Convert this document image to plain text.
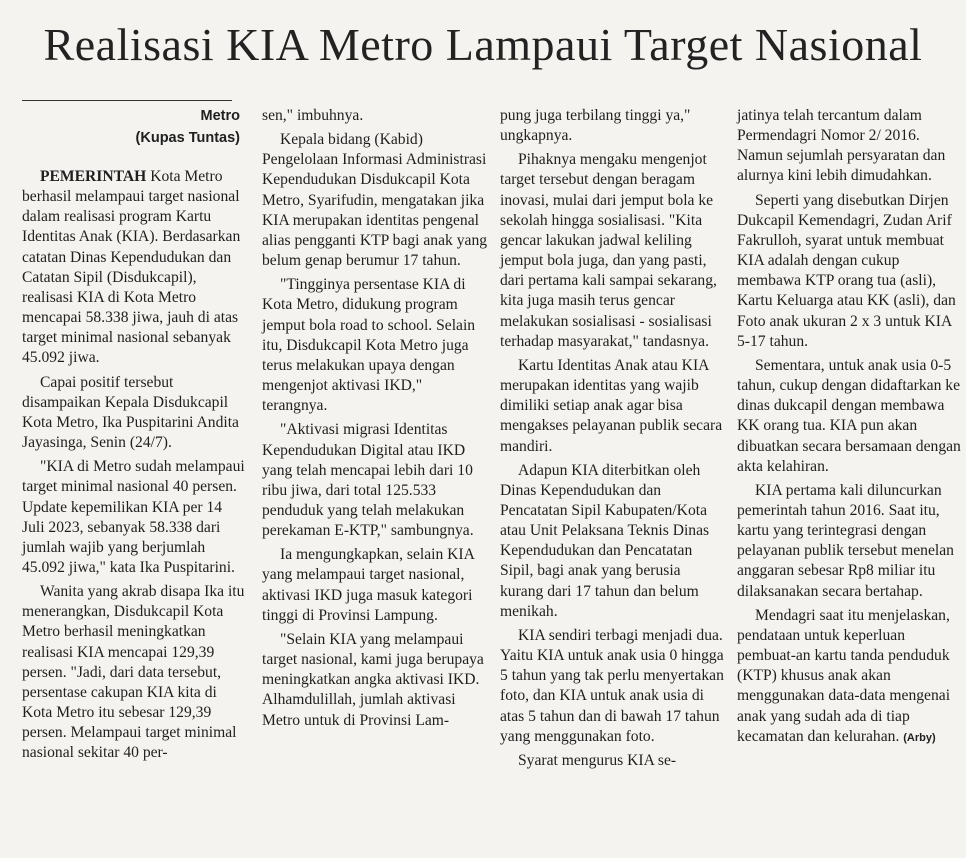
Realisasi KIA Metro Lampaui Target Nasional
Metro
(Kupas Tuntas)

PEMERINTAH Kota Metro berhasil melampaui target nasional dalam realisasi program Kartu Identitas Anak (KIA). Berdasarkan catatan Dinas Kependudukan dan Catatan Sipil (Disdukcapil), realisasi KIA di Kota Metro mencapai 58.338 jiwa, jauh di atas target minimal nasional sebanyak 45.092 jiwa.

Capai positif tersebut disampaikan Kepala Disdukcapil Kota Metro, Ika Puspitarini Andita Jayasinga, Senin (24/7).

"KIA di Metro sudah melampaui target minimal nasional 40 persen. Update kepemilikan KIA per 14 Juli 2023, sebanyak 58.338 dari jumlah wajib yang berjumlah 45.092 jiwa," kata Ika Puspitarini.

Wanita yang akrab disapa Ika itu menerangkan, Disdukcapil Kota Metro berhasil meningkatkan realisasi KIA mencapai 129,39 persen. "Jadi, dari data tersebut, persentase cakupan KIA kita di Kota Metro itu sebesar 129,39 persen. Melampaui target minimal nasional sekitar 40 per-

sen," imbuhnya.

Kepala bidang (Kabid) Pengelolaan Informasi Administrasi Kependudukan Disdukcapil Kota Metro, Syarifudin, mengatakan jika KIA merupakan identitas pengenal alias pengganti KTP bagi anak yang belum genap berumur 17 tahun.

"Tingginya persentase KIA di Kota Metro, didukung program jemput bola road to school. Selain itu, Disdukcapil Kota Metro juga terus melakukan upaya dengan mengenjot aktivasi IKD," terangnya.

"Aktivasi migrasi Identitas Kependudukan Digital atau IKD yang telah mencapai lebih dari 10 ribu jiwa, dari total 125.533 penduduk yang telah melakukan perekaman E-KTP," sambungnya.

Ia mengungkapkan, selain KIA yang melampaui target nasional, aktivasi IKD juga masuk kategori tinggi di Provinsi Lampung.

"Selain KIA yang melampaui target nasional, kami juga berupaya meningkatkan angka aktivasi IKD. Alhamdulillah, jumlah aktivasi Metro untuk di Provinsi Lam-

pung juga terbilang tinggi ya," ungkapnya.

Pihaknya mengaku mengenjot target tersebut dengan beragam inovasi, mulai dari jemput bola ke sekolah hingga sosialisasi. "Kita gencar lakukan jadwal keliling jemput bola juga, dan yang pasti, dari pertama kali sampai sekarang, kita juga masih terus gencar melakukan sosialisasi - sosialisasi terhadap masyarakat," tandasnya.

Kartu Identitas Anak atau KIA merupakan identitas yang wajib dimiliki setiap anak agar bisa mengakses pelayanan publik secara mandiri.

Adapun KIA diterbitkan oleh Dinas Kependudukan dan Pencatatan Sipil Kabupaten/Kota atau Unit Pelaksana Teknis Dinas Kependudukan dan Pencatatan Sipil, bagi anak yang berusia kurang dari 17 tahun dan belum menikah.

KIA sendiri terbagi menjadi dua. Yaitu KIA untuk anak usia 0 hingga 5 tahun yang tak perlu menyertakan foto, dan KIA untuk anak usia di atas 5 tahun dan di bawah 17 tahun yang menggunakan foto.

Syarat mengurus KIA se-

jatinya telah tercantum dalam Permendagri Nomor 2/ 2016. Namun sejumlah persyaratan dan alurnya kini lebih dimudahkan.

Seperti yang disebutkan Dirjen Dukcapil Kemendagri, Zudan Arif Fakrulloh, syarat untuk membuat KIA adalah dengan cukup membawa KTP orang tua (asli), Kartu Keluarga atau KK (asli), dan Foto anak ukuran 2 x 3 untuk KIA 5-17 tahun.

Sementara, untuk anak usia 0-5 tahun, cukup dengan didaftarkan ke dinas dukcapil dengan membawa KK orang tua. KIA pun akan dibuatkan secara bersamaan dengan akta kelahiran.

KIA pertama kali diluncurkan pemerintah tahun 2016. Saat itu, kartu yang terintegrasi dengan pelayanan publik tersebut menelan anggaran sebesar Rp8 miliar itu dilaksanakan secara bertahap.

Mendagri saat itu menjelaskan, pendataan untuk keperluan pembuat-an kartu tanda penduduk (KTP) khusus anak akan menggunakan data-data mengenai anak yang sudah ada di tiap kecamatan dan kelurahan. (Arby)
